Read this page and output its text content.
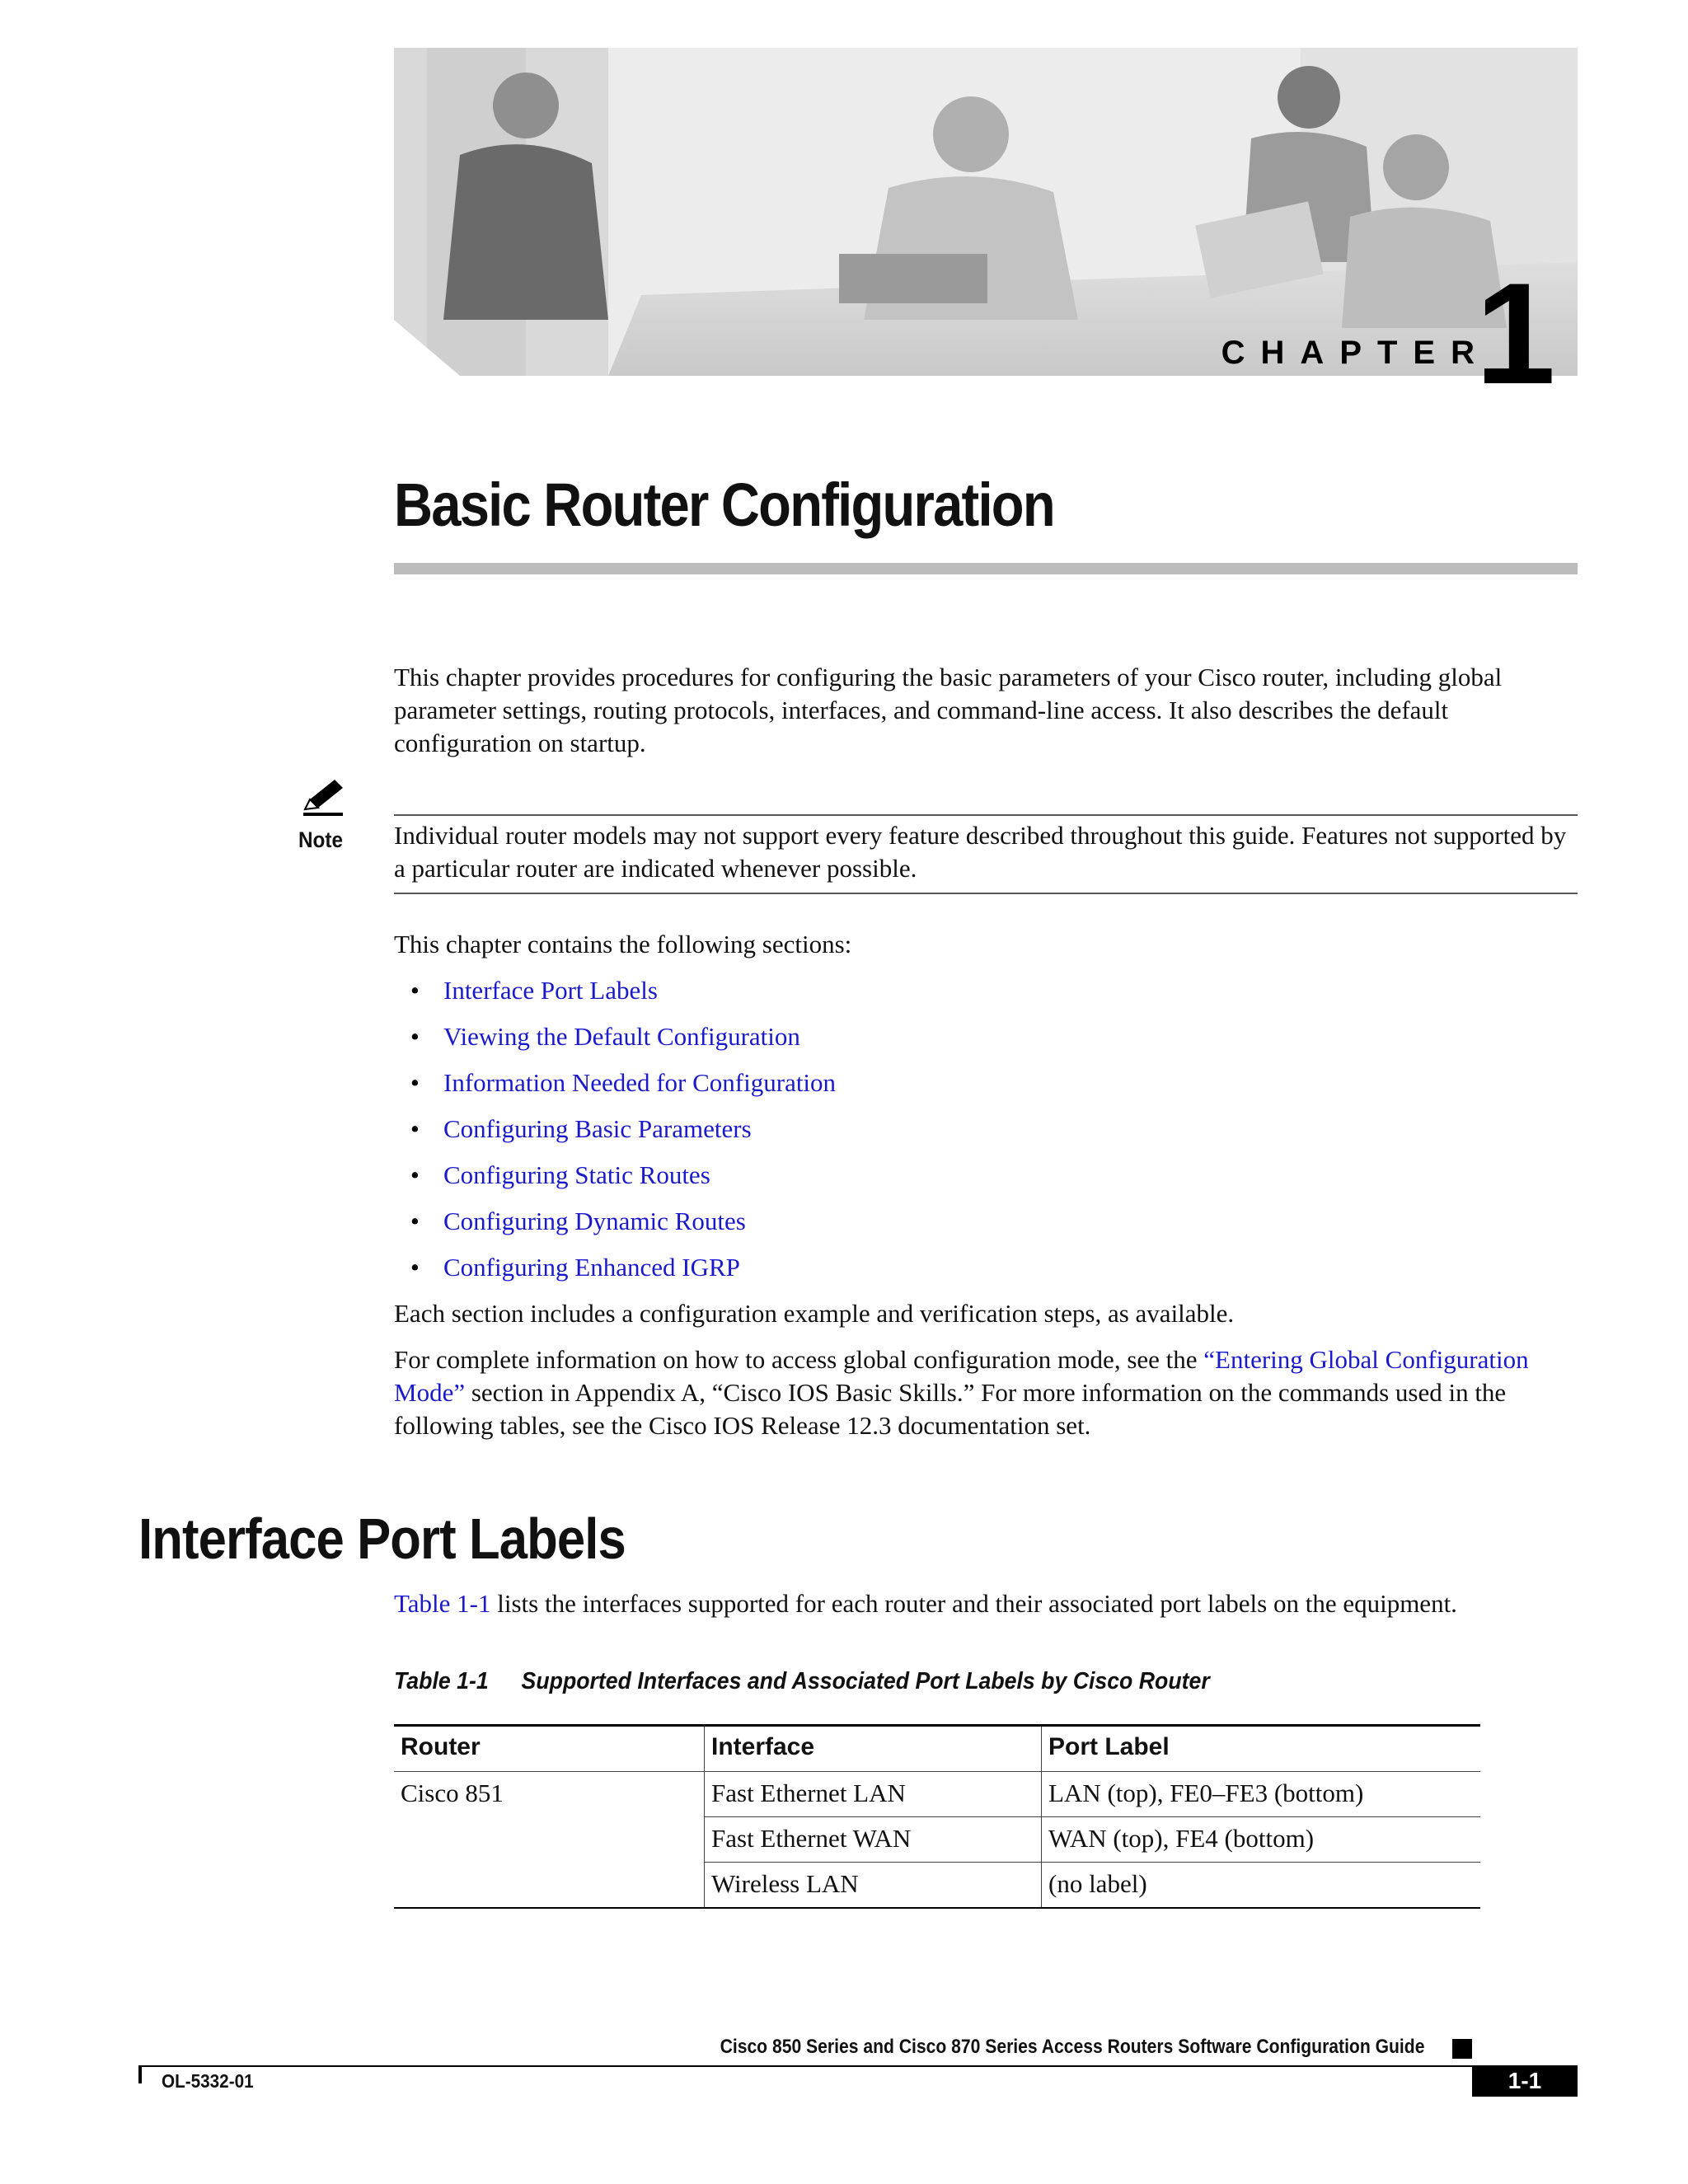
CHAPTER
1
Basic Router Configuration

This chapter provides procedures for configuring the basic parameters of your Cisco router, including global parameter settings, routing protocols, interfaces, and command-line access. It also describes the default configuration on startup.

Note Individual router models may not support every feature described throughout this guide. Features not supported by a particular router are indicated whenever possible.

This chapter contains the following sections:

• Interface Port Labels
• Viewing the Default Configuration
• Information Needed for Configuration
• Configuring Basic Parameters
• Configuring Static Routes
• Configuring Dynamic Routes
• Configuring Enhanced IGRP

Each section includes a configuration example and verification steps, as available.

For complete information on how to access global configuration mode, see the “Entering Global Configuration Mode” section in Appendix A, “Cisco IOS Basic Skills.” For more information on the commands used in the following tables, see the Cisco IOS Release 12.3 documentation set.

Interface Port Labels

Table 1-1 lists the interfaces supported for each router and their associated port labels on the equipment.

Table 1-1 Supported Interfaces and Associated Port Labels by Cisco Router
Router	Interface	Port Label
Cisco 851	Fast Ethernet LAN	LAN (top), FE0–FE3 (bottom)
	Fast Ethernet WAN	WAN (top), FE4 (bottom)
	Wireless LAN	(no label)
Cisco 850 Series and Cisco 870 Series Access Routers Software Configuration Guide
OL-5332-01	1-1
